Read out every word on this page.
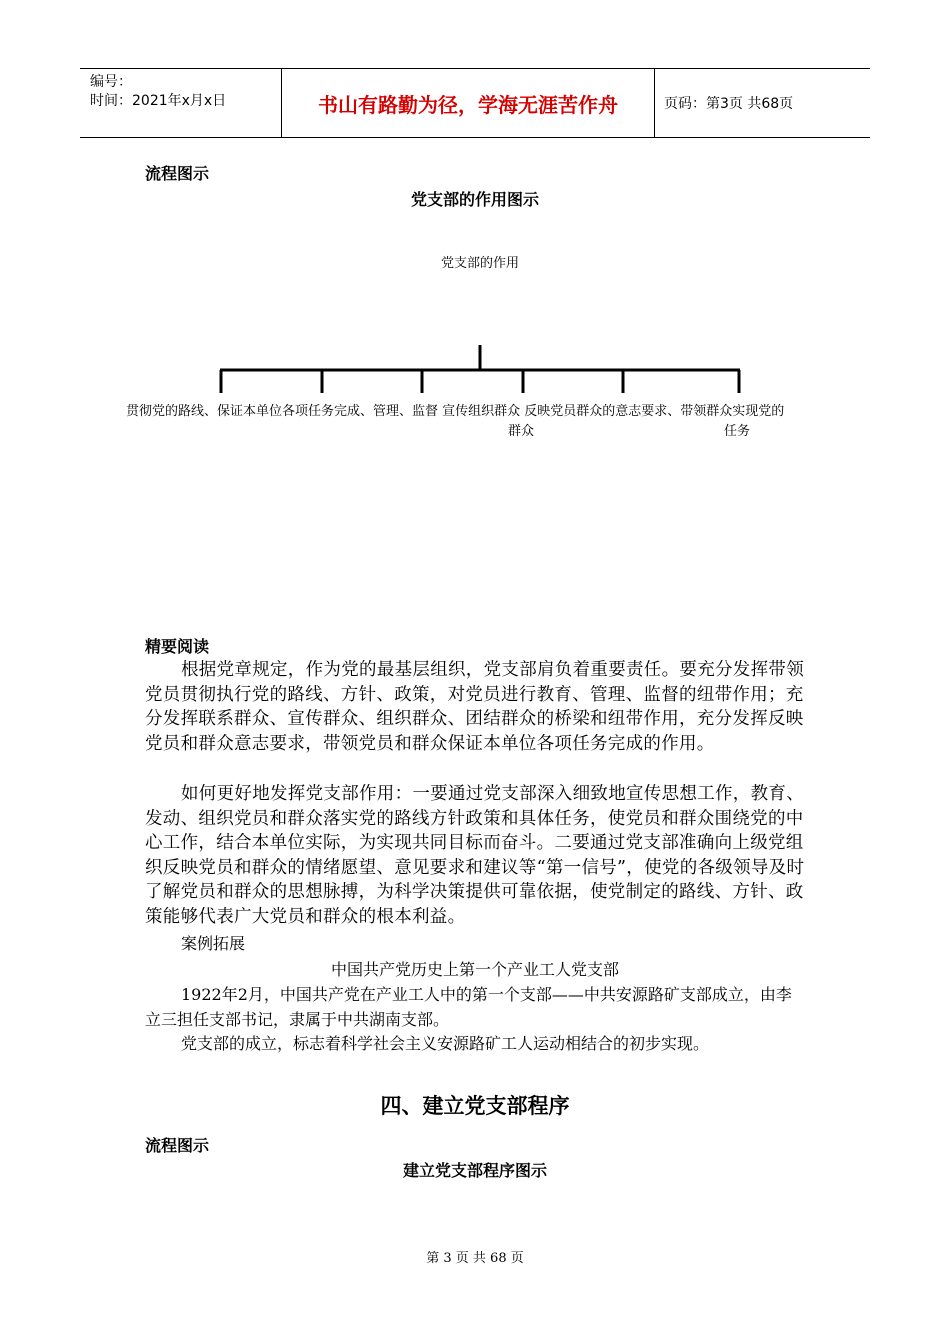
编号：
时间：2021年x月x日	书山有路勤为径，学海无涯苦作舟	页码：第3页 共68页
流程图示
党支部的作用图示
党支部的作用
贯彻党的路线、保证本单位各项任务完成、管理、监督 宣传组织群众 反映党员群众的意志要求、带领群众实现党的
群众	任务
精要阅读
根据党章规定，作为党的最基层组织，党支部肩负着重要责任。要充分发挥带领党员贯彻执行党的路线、方针、政策，对党员进行教育、管理、监督的纽带作用；充分发挥联系群众、宣传群众、组织群众、团结群众的桥梁和纽带作用，充分发挥反映党员和群众意志要求，带领党员和群众保证本单位各项任务完成的作用。
如何更好地发挥党支部作用：一要通过党支部深入细致地宣传思想工作，教育、发动、组织党员和群众落实党的路线方针政策和具体任务，使党员和群众围绕党的中心工作，结合本单位实际，为实现共同目标而奋斗。二要通过党支部准确向上级党组织反映党员和群众的情绪愿望、意见要求和建议等“第一信号”，使党的各级领导及时了解党员和群众的思想脉搏，为科学决策提供可靠依据，使党制定的路线、方针、政策能够代表广大党员和群众的根本利益。
案例拓展
中国共产党历史上第一个产业工人党支部
1922年2月，中国共产党在产业工人中的第一个支部——中共安源路矿支部成立，由李立三担任支部书记，隶属于中共湖南支部。
党支部的成立，标志着科学社会主义安源路矿工人运动相结合的初步实现。
四、建立党支部程序
流程图示
建立党支部程序图示
第 3 页 共 68 页
